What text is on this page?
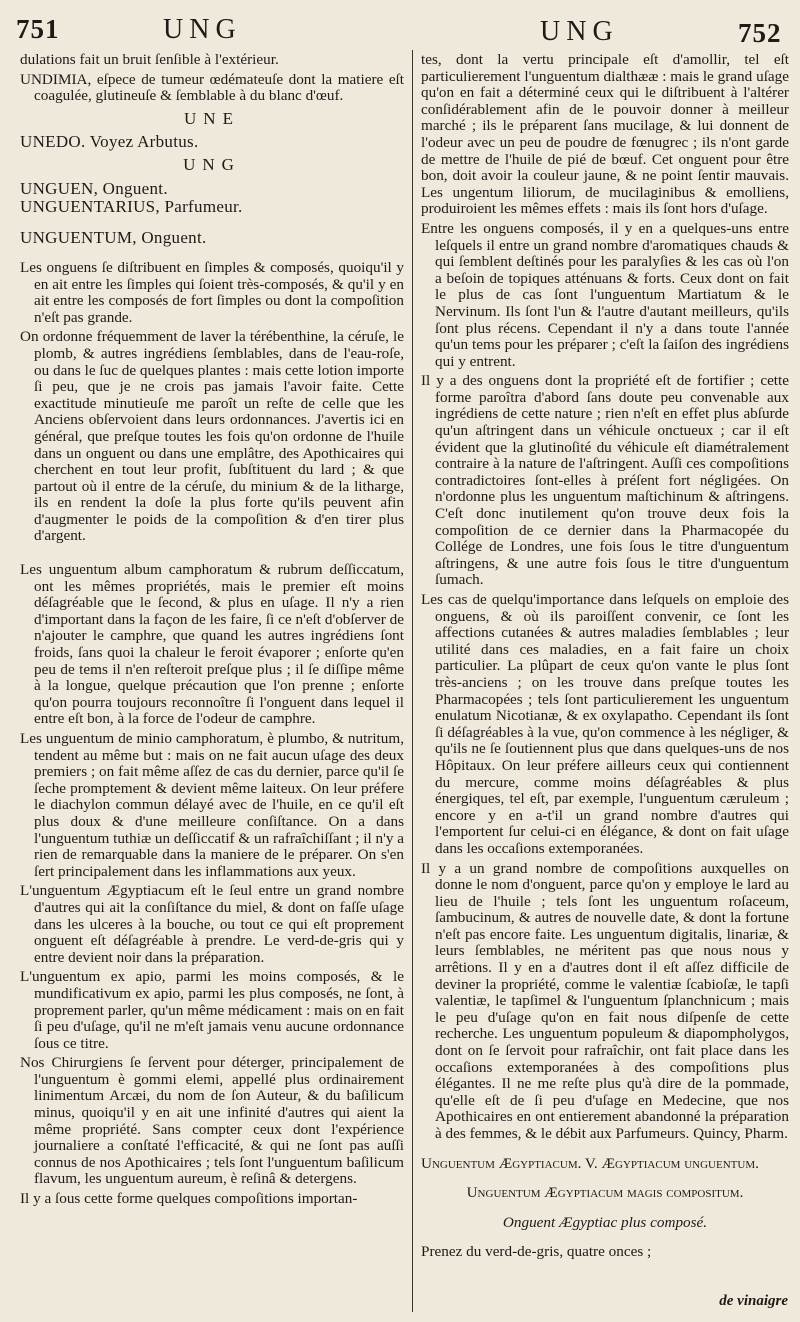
751	UNG	UNG	752

dulations fait un bruit ſenſible à l'extérieur.

UNDIMIA, eſpece de tumeur œdémateuſe dont la matiere eſt coagulée, glutineuſe & ſemblable à du blanc d'œuf.

UNE

UNEDO. Voyez Arbutus.

UNG

UNGUEN, Onguent.

UNGUENTARIUS, Parfumeur.

UNGUENTUM, Onguent.

Les onguens ſe diſtribuent en ſimples & composés, quoiqu'il y en ait entre les ſimples qui ſoient très-composés, & qu'il y en ait entre les composés de fort ſimples ou dont la compoſition n'eſt pas grande.

On ordonne fréquemment de laver la térébenthine, la céruſe, le plomb, & autres ingrédiens ſemblables, dans de l'eau-roſe, ou dans le ſuc de quelques plantes : mais cette lotion importe ſi peu, que je ne crois pas jamais l'avoir faite. Cette exactitude minutieuſe me paroît un reſte de celle que les Anciens obſervoient dans leurs ordonnances. J'avertis ici en général, que preſque toutes les fois qu'on ordonne de l'huile dans un onguent ou dans une emplâtre, des Apothicaires qui cherchent en tout leur profit, ſubſtituent du lard ; & que partout où il entre de la céruſe, du minium & de la litharge, ils en rendent la doſe la plus forte qu'ils peuvent afin d'augmenter le poids de la compoſition & d'en tirer plus d'argent.

Les unguentum album camphoratum & rubrum deſſiccatum, ont les mêmes propriétés, mais le premier eſt moins déſagréable que le ſecond, & plus en uſage. Il n'y a rien d'important dans la façon de les faire, ſi ce n'eſt d'obſerver de n'ajouter le camphre, que quand les autres ingrédiens ſont froids, ſans quoi la chaleur le feroit évaporer ; enſorte qu'en peu de tems il n'en reſteroit preſque plus ; il ſe diſſipe même à la longue, quelque précaution que l'on prenne ; enſorte qu'on pourra toujours reconnoître ſi l'onguent dans lequel il entre eſt bon, à la force de l'odeur de camphre.

Les unguentum de minio camphoratum, è plumbo, & nutritum, tendent au même but : mais on ne fait aucun uſage des deux premiers ; on fait même aſſez de cas du dernier, parce qu'il ſe ſeche promptement & devient même laiteux. On leur préfere le diachylon commun délayé avec de l'huile, en ce qu'il eſt plus doux & d'une meilleure conſiſtance. On a dans l'unguentum tuthiæ un deſſiccatif & un rafraîchiſſant ; il n'y a rien de remarquable dans la maniere de le préparer. On s'en ſert principalement dans les inflammations aux yeux.

L'unguentum Ægyptiacum eſt le ſeul entre un grand nombre d'autres qui ait la conſiſtance du miel, & dont on faſſe uſage dans les ulceres à la bouche, ou tout ce qui eſt proprement onguent eſt déſagréable à prendre. Le verd-de-gris qui y entre devient noir dans la préparation.

L'unguentum ex apio, parmi les moins composés, & le mundificativum ex apio, parmi les plus composés, ne ſont, à proprement parler, qu'un même médicament : mais on en fait ſi peu d'uſage, qu'il ne m'eſt jamais venu aucune ordonnance ſous ce titre.

Nos Chirurgiens ſe ſervent pour déterger, principalement de l'unguentum è gommi elemi, appellé plus ordinairement linimentum Arcæi, du nom de ſon Auteur, & du baſilicum minus, quoiqu'il y en ait une infinité d'autres qui aient la même propriété. Sans compter ceux dont l'expérience journaliere a conſtaté l'efficacité, & qui ne ſont pas auſſi connus de nos Apothicaires ; tels ſont l'unguentum baſilicum flavum, les unguentum aureum, è reſinâ & detergens.

Il y a ſous cette forme quelques compoſitions importan-

tes, dont la vertu principale eſt d'amollir, tel eſt particulierement l'unguentum dialthææ : mais le grand uſage qu'on en fait a déterminé ceux qui le diſtribuent à l'altérer conſidérablement afin de le pouvoir donner à meilleur marché ; ils le préparent ſans mucilage, & lui donnent de l'odeur avec un peu de poudre de fœnugrec ; ils n'ont garde de mettre de l'huile de pié de bœuf. Cet onguent pour être bon, doit avoir la couleur jaune, & ne point ſentir mauvais. Les ungentum liliorum, de mucilaginibus & emolliens, produiroient les mêmes effets : mais ils ſont hors d'uſage.

Entre les onguens composés, il y en a quelques-uns entre leſquels il entre un grand nombre d'aromatiques chauds & qui ſemblent deſtinés pour les paralyſies & les cas où l'on a beſoin de topiques atténuans & forts. Ceux dont on fait le plus de cas ſont l'unguentum Martiatum & le Nervinum. Ils ſont l'un & l'autre d'autant meilleurs, qu'ils ſont plus récens. Cependant il n'y a dans toute l'année qu'un tems pour les préparer ; c'eſt la ſaiſon des ingrédiens qui y entrent.

Il y a des onguens dont la propriété eſt de fortifier ; cette forme paroîtra d'abord ſans doute peu convenable aux ingrédiens de cette nature ; rien n'eſt en effet plus abſurde qu'un aſtringent dans un véhicule onctueux ; car il eſt évident que la glutinoſité du véhicule eſt diamétralement contraire à la nature de l'aſtringent. Auſſi ces compoſitions contradictoires ſont-elles à préſent fort négligées. On n'ordonne plus les unguentum maſtichinum & aſtringens. C'eſt donc inutilement qu'on trouve deux fois la compoſition de ce dernier dans la Pharmacopée du Collége de Londres, une fois ſous le titre d'unguentum aſtringens, & une autre fois ſous le titre d'unguentum ſumach.

Les cas de quelqu'importance dans leſquels on emploie des onguens, & où ils paroiſſent convenir, ce ſont les affections cutanées & autres maladies ſemblables ; leur utilité dans ces maladies, en a fait faire un choix particulier. La plûpart de ceux qu'on vante le plus ſont très-anciens ; on les trouve dans preſque toutes les Pharmacopées ; tels ſont particulierement les unguentum enulatum Nicotianæ, & ex oxylapatho. Cependant ils ſont ſi déſagréables à la vue, qu'on commence à les négliger, & qu'ils ne ſe ſoutiennent plus que dans quelques-uns de nos Hôpitaux. On leur préfere ailleurs ceux qui contiennent du mercure, comme moins déſagréables & plus énergiques, tel eſt, par exemple, l'unguentum cæruleum ; encore y en a-t'il un grand nombre d'autres qui l'emportent ſur celui-ci en élégance, & dont on fait uſage dans les occaſions extemporanées.

Il y a un grand nombre de compoſitions auxquelles on donne le nom d'onguent, parce qu'on y employe le lard au lieu de l'huile ; tels ſont les unguentum roſaceum, ſambucinum, & autres de nouvelle date, & dont la fortune n'eſt pas encore faite. Les unguentum digitalis, linariæ, & leurs ſemblables, ne méritent pas que nous nous y arrêtions. Il y en a d'autres dont il eſt aſſez difficile de deviner la propriété, comme le valentiæ ſcabioſæ, le tapſi valentiæ, le tapſimel & l'unguentum ſplanchnicum ; mais le peu d'uſage qu'on en fait nous diſpenſe de cette recherche. Les unguentum populeum & diapompholygos, dont on ſe ſervoit pour rafraîchir, ont fait place dans les occaſions extemporanées à des compoſitions plus élégantes. Il ne me reſte plus qu'à dire de la pommade, qu'elle eſt de ſi peu d'uſage en Medecine, que nos Apothicaires en ont entierement abandonné la préparation à des femmes, & le débit aux Parfumeurs. Quincy, Pharm.

Unguentum Ægyptiacum. V. Ægyptiacum unguentum.

Unguentum Ægyptiacum magis compositum.

Onguent Ægyptiac plus composé.

Prenez du verd-de-gris, quatre onces ;

de vinaigre
